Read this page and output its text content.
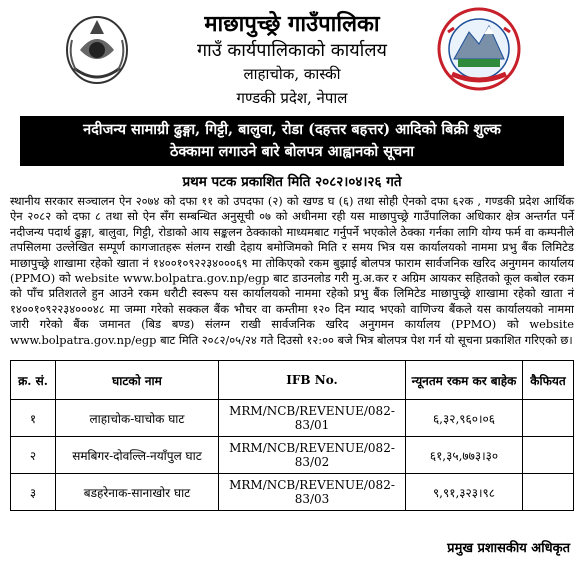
माछापुच्छ्रे गाउँपालिका
गाउँ कार्यपालिकाको कार्यालय
लाहाचोक, कास्की
गण्डकी प्रदेश, नेपाल
नदीजन्य सामाग्री ढुङ्गा, गिट्टी, बालुवा, रोडा (दहत्तर बहत्तर) आदिको बिक्री शुल्क
ठेक्कामा लगाउने बारे बोलपत्र आह्वानको सूचना
प्रथम पटक प्रकाशित मिति २०८२।०४।२६ गते
स्थानीय सरकार सञ्चालन ऐन २०७४ को दफा ११ को उपदफा (२) को खण्ड घ (६) तथा सोही ऐनको दफा ६२क , गण्डकी प्रदेश आर्थिक ऐन २०८२ को दफा ८ तथा सो ऐन सँग सम्बन्धित अनुसूची ०७ को अधीनमा रही यस माछापुच्छ्रे गाउँपालिका अधिकार क्षेत्र अन्तर्गत पर्ने नदीजन्य पदार्थ ढुङ्गा, बालुवा, गिट्टी, रोडाको आय सङ्कलन ठेक्काको माध्यमबाट गर्नुपर्ने भएकोले ठेक्का गर्नका लागि योग्य फर्म वा कम्पनीले तपसिलमा उल्लेखित सम्पूर्ण कागजातहरू संलग्न राखी देहाय बमोजिमको मिति र समय भित्र यस कार्यालयको नाममा प्रभु बैंक लिमिटेड माछापुच्छ्रे शाखामा रहेको खाता नं १४००१०९२२३४०००६९ मा तोकिएको रकम बुझाई बोलपत्र फाराम सार्वजनिक खरिद अनुगमन कार्यालय (PPMO) को website www.bolpatra.gov.np/egp बाट डाउनलोड गरी मु.अ.कर र अग्रिम आयकर सहितको कूल कबोल रकम को पाँच प्रतिशतले हुन आउने रकम धरौटी स्वरूप यस कार्यालयको नाममा रहेको प्रभु बैंक लिमिटेड माछापुच्छ्रे शाखामा रहेको खाता नं १४००१०९२२३४०००४८ मा जम्मा गरेको सक्कल बैंक भौचर वा कम्तीमा १२० दिन म्याद भएको वाणिज्य बैंकले यस कार्यालयको नाममा जारी गरेको बैंक जमानत (बिड बण्ड) संलग्न राखी सार्वजनिक खरिद अनुगमन कार्यालय (PPMO) को website www.bolpatra.gov.np/egp बाट मिति २०८२/०५/२४ गते दिउसो १२:०० बजे भित्र बोलपत्र पेश गर्न यो सूचना प्रकाशित गरिएको छ।
क्र. सं.	घाटको नाम	IFB No.	न्यूनतम रकम कर बाहेक	कैफियत
१	लाहाचोक-घाचोक घाट	MRM/NCB/REVENUE/082-83/01	६,३२,९६०।०६	
२	समबिगर-दोवल्लि-नयाँपुल घाट	MRM/NCB/REVENUE/082-83/02	६१,३५,७७३।३०	
३	बडहरेनाक-सानाखोर घाट	MRM/NCB/REVENUE/082-83/03	९,९१,३२३।९८	
प्रमुख प्रशासकीय अधिकृत
